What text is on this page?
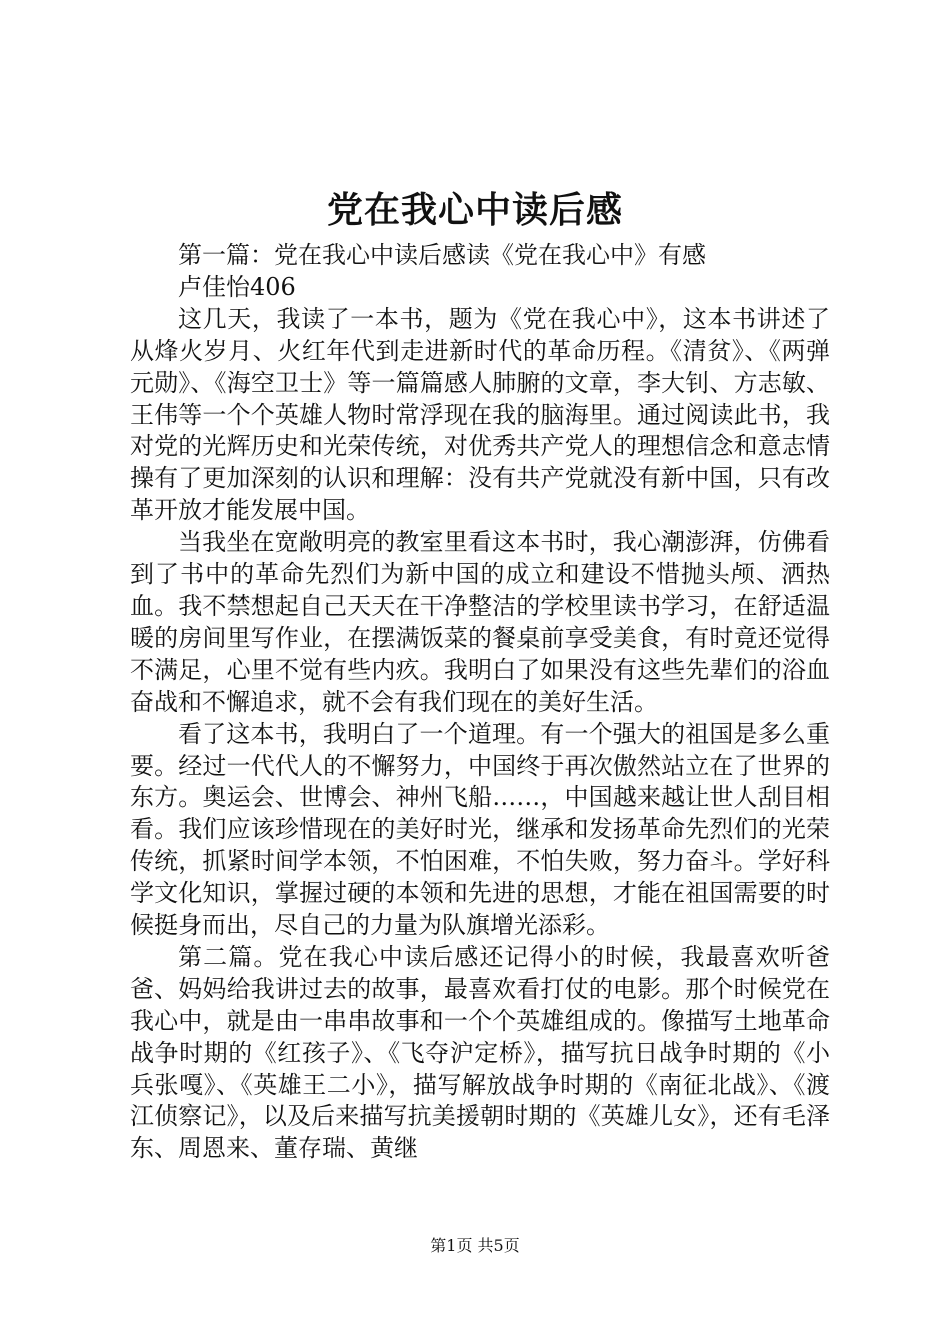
党在我心中读后感

第一篇：党在我心中读后感读《党在我心中》有感

卢佳怡406

这几天，我读了一本书，题为《党在我心中》，这本书讲述了从烽火岁月、火红年代到走进新时代的革命历程。《清贫》、《两弹元勋》、《海空卫士》等一篇篇感人肺腑的文章，李大钊、方志敏、王伟等一个个英雄人物时常浮现在我的脑海里。通过阅读此书，我对党的光辉历史和光荣传统，对优秀共产党人的理想信念和意志情操有了更加深刻的认识和理解：没有共产党就没有新中国，只有改革开放才能发展中国。

当我坐在宽敞明亮的教室里看这本书时，我心潮澎湃，仿佛看到了书中的革命先烈们为新中国的成立和建设不惜抛头颅、洒热血。我不禁想起自己天天在干净整洁的学校里读书学习，在舒适温暖的房间里写作业，在摆满饭菜的餐桌前享受美食，有时竟还觉得不满足，心里不觉有些内疚。我明白了如果没有这些先辈们的浴血奋战和不懈追求，就不会有我们现在的美好生活。

看了这本书，我明白了一个道理。有一个强大的祖国是多么重要。经过一代代人的不懈努力，中国终于再次傲然站立在了世界的东方。奥运会、世博会、神州飞船……，中国越来越让世人刮目相看。我们应该珍惜现在的美好时光，继承和发扬革命先烈们的光荣传统，抓紧时间学本领，不怕困难，不怕失败，努力奋斗。学好科学文化知识，掌握过硬的本领和先进的思想，才能在祖国需要的时候挺身而出，尽自己的力量为队旗增光添彩。

第二篇。党在我心中读后感还记得小的时候，我最喜欢听爸爸、妈妈给我讲过去的故事，最喜欢看打仗的电影。那个时候党在我心中，就是由一串串故事和一个个英雄组成的。像描写土地革命战争时期的《红孩子》、《飞夺沪定桥》，描写抗日战争时期的《小兵张嘎》、《英雄王二小》，描写解放战争时期的《南征北战》、《渡江侦察记》，以及后来描写抗美援朝时期的《英雄儿女》，还有毛泽东、周恩来、董存瑞、黄继

第1页 共5页
